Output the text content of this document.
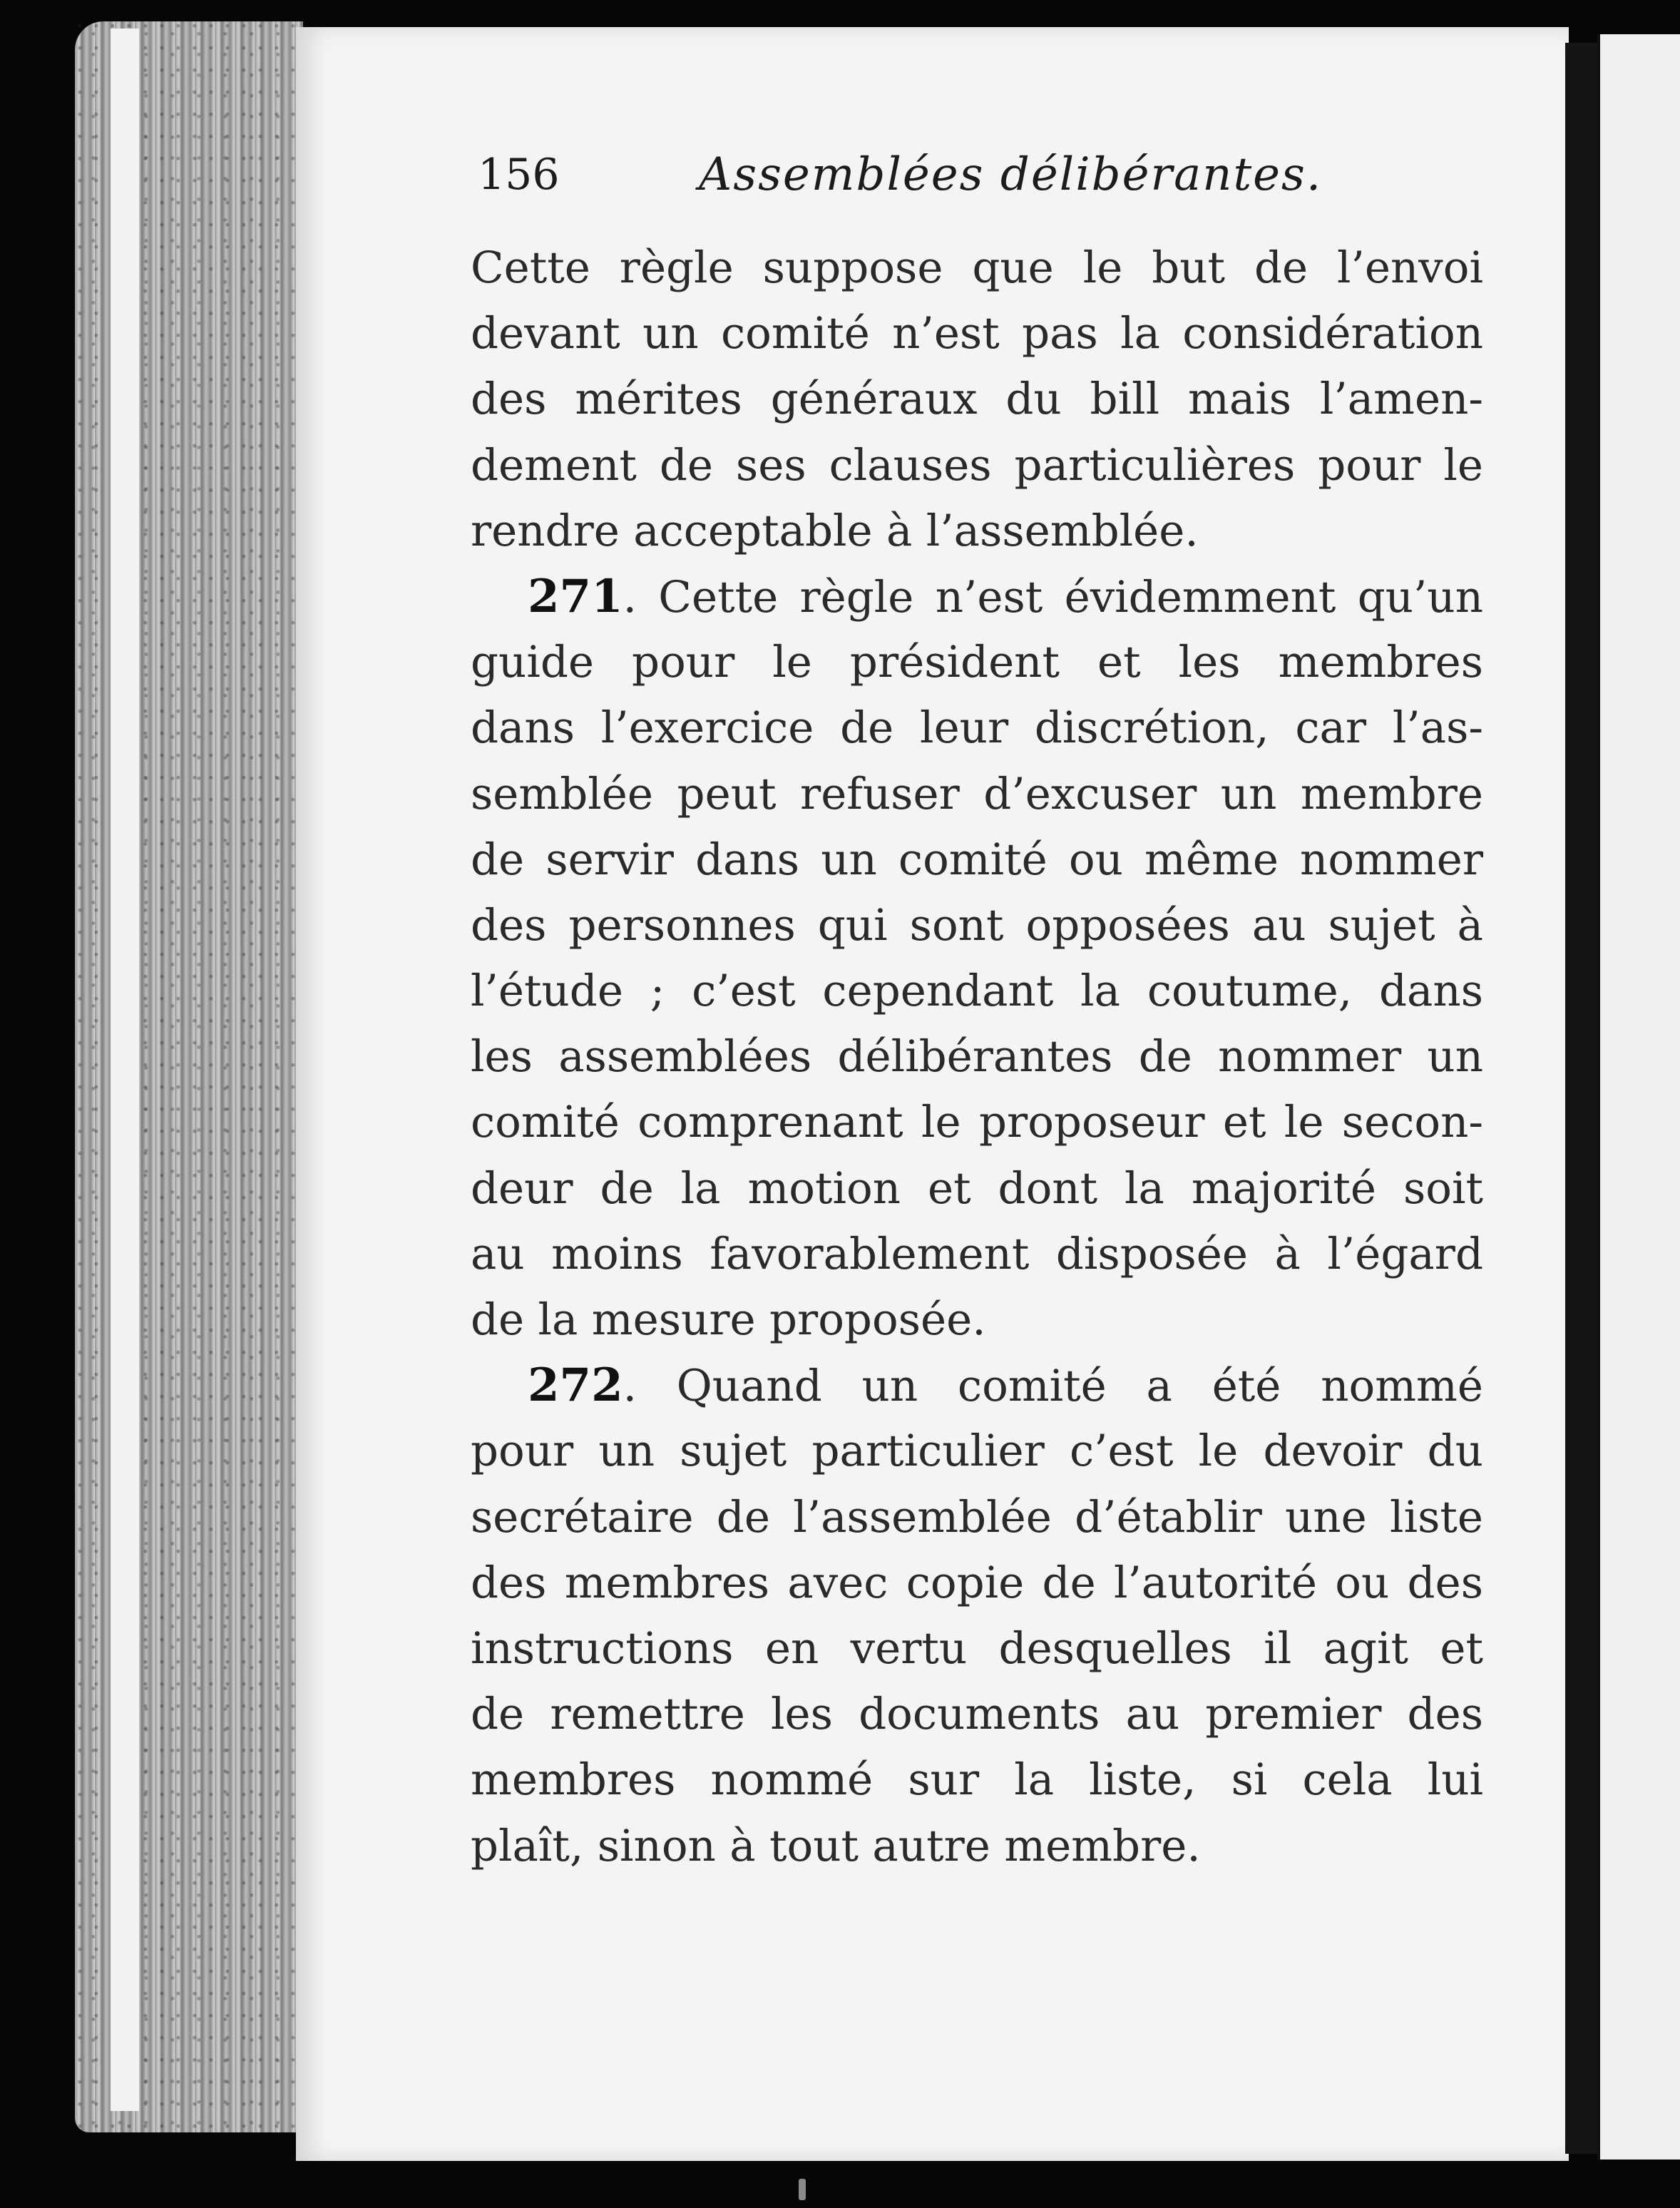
156	Assemblées délibérantes.
Cette règle suppose que le but de l’envoi
devant un comité n’est pas la considération
des mérites généraux du bill mais l’amen-
dement de ses clauses particulières pour le
rendre acceptable à l’assemblée.
271. Cette règle n’est évidemment qu’un
guide pour le président et les membres
dans l’exercice de leur discrétion, car l’as-
semblée peut refuser d’excuser un membre
de servir dans un comité ou même nommer
des personnes qui sont opposées au sujet à
l’étude ; c’est cependant la coutume, dans
les assemblées délibérantes de nommer un
comité comprenant le proposeur et le secon-
deur de la motion et dont la majorité soit
au moins favorablement disposée à l’égard
de la mesure proposée.
272. Quand un comité a été nommé
pour un sujet particulier c’est le devoir du
secrétaire de l’assemblée d’établir une liste
des membres avec copie de l’autorité ou des
instructions en vertu desquelles il agit et
de remettre les documents au premier des
membres nommé sur la liste, si cela lui
plaît, sinon à tout autre membre.
